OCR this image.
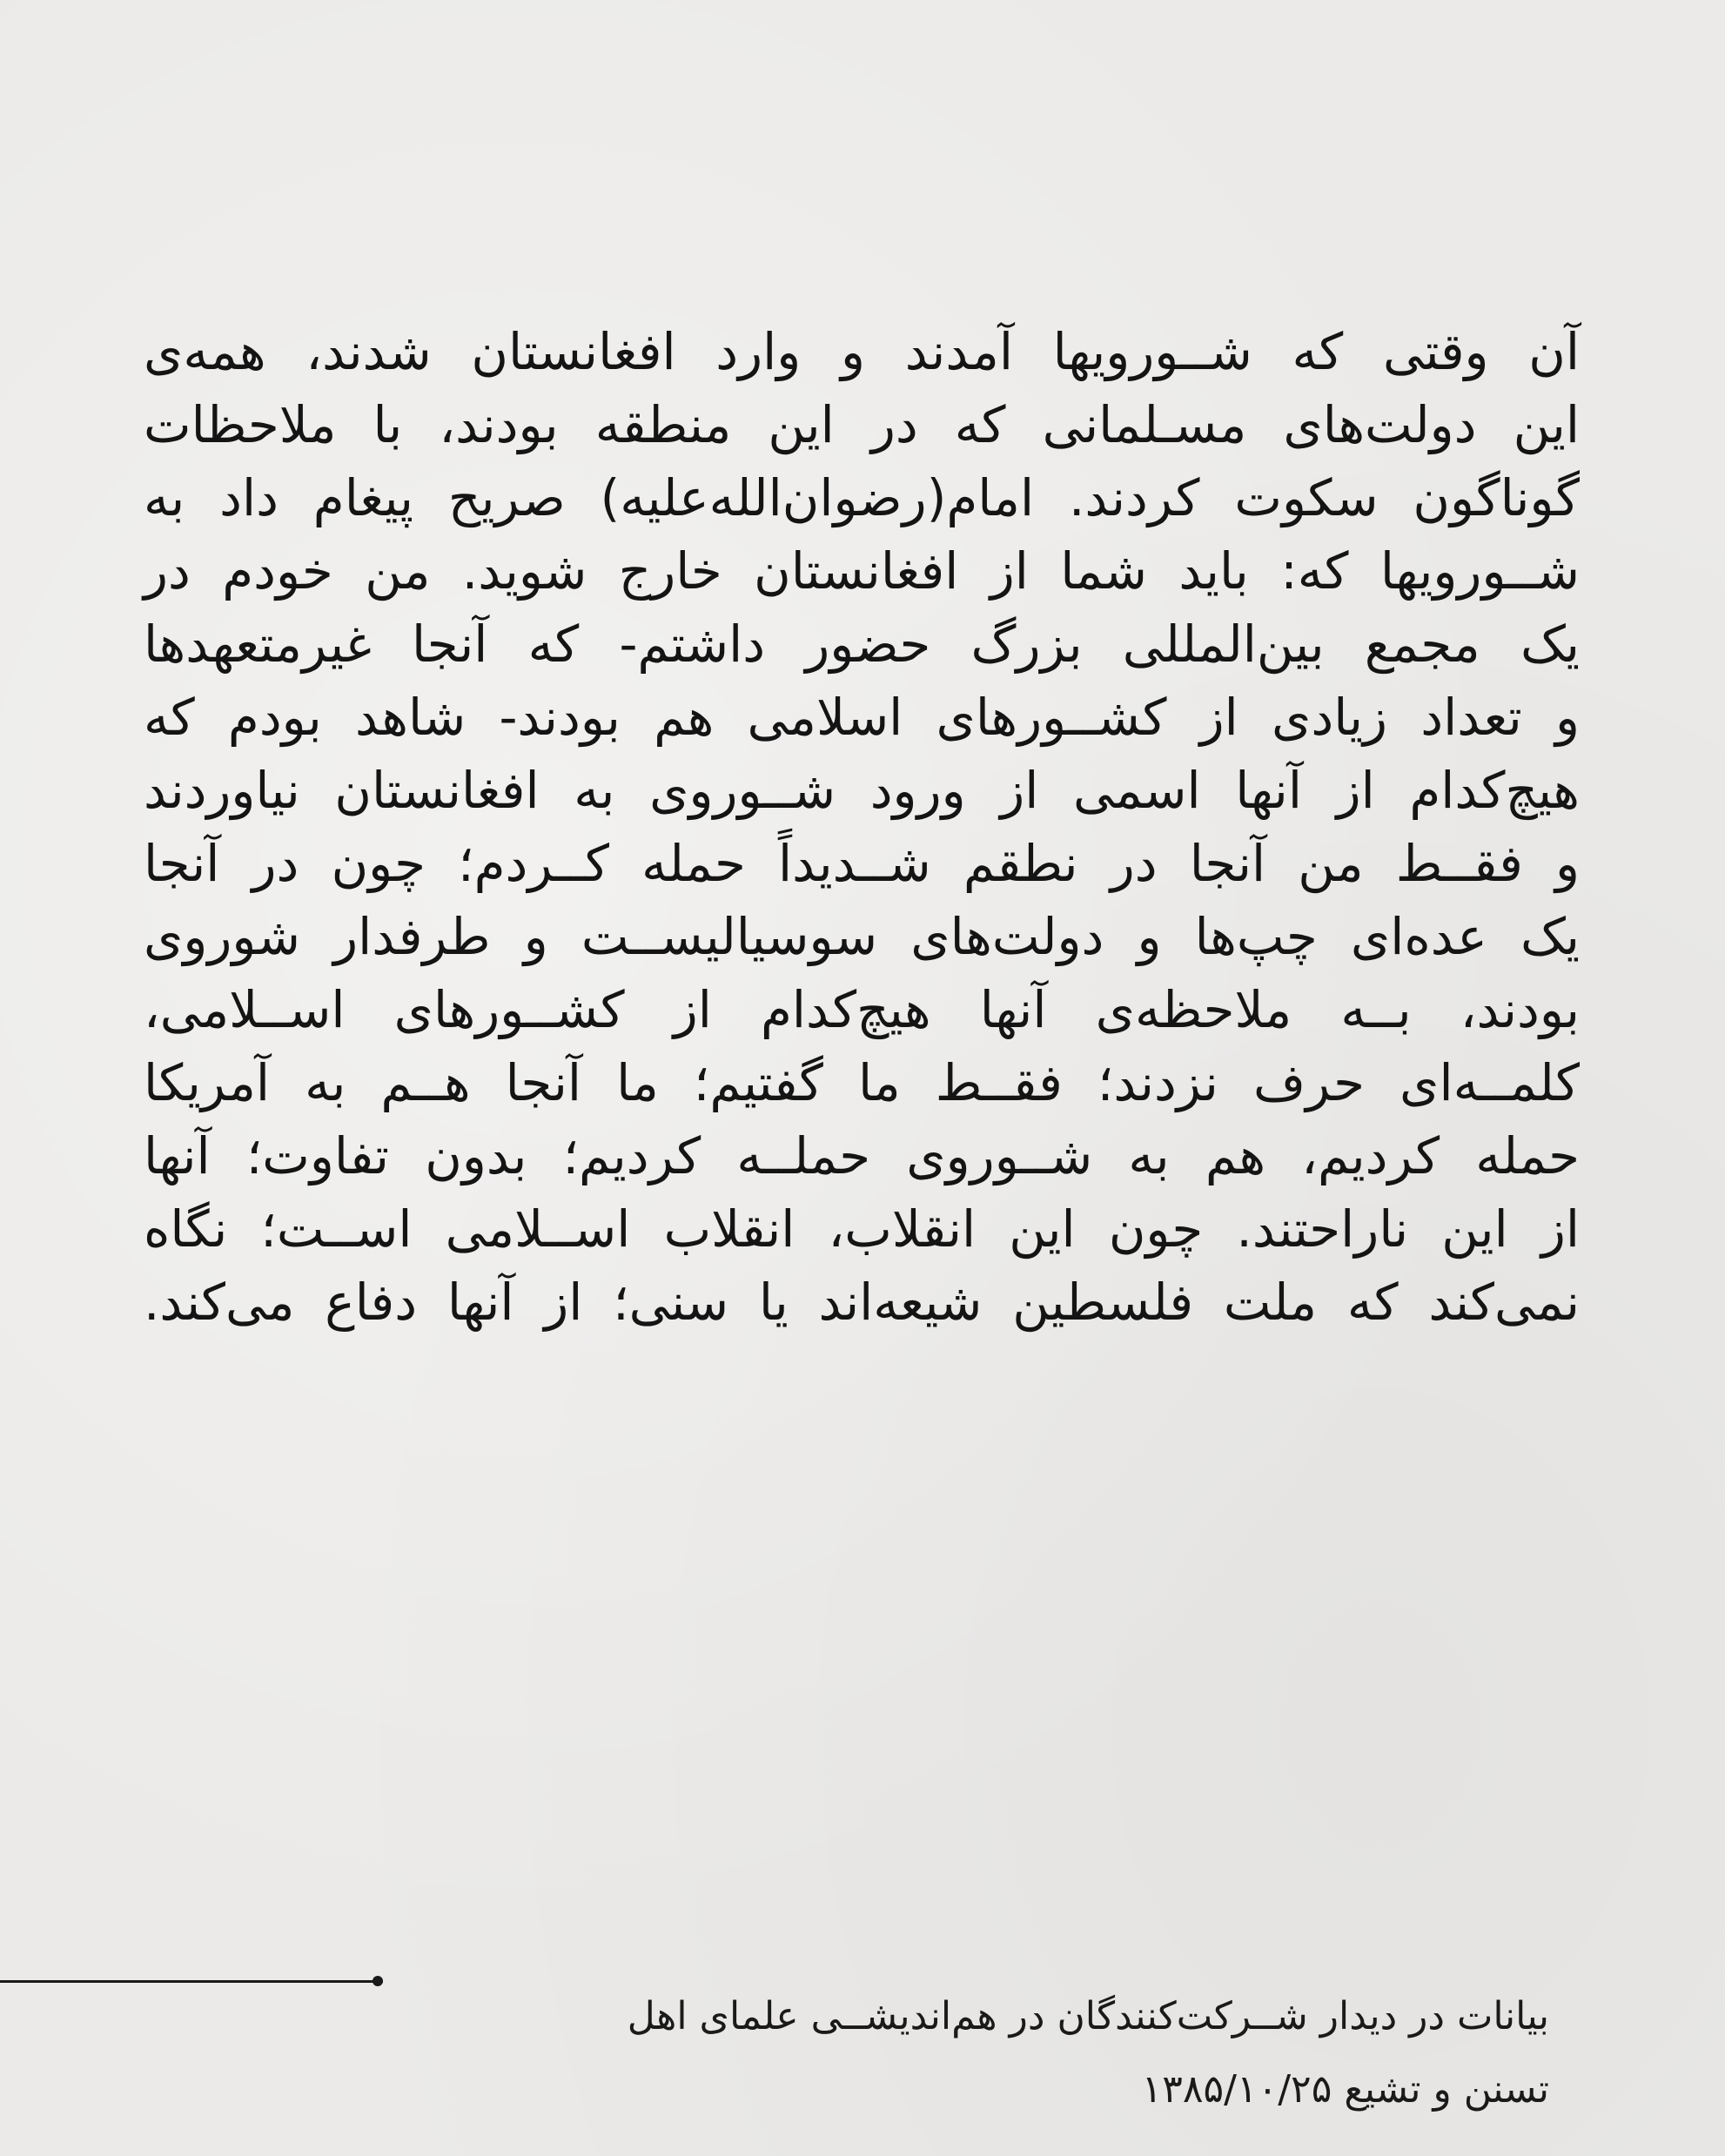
آن وقتی که شــورویها آمدند و وارد افغانستان شدند، همه‌ی
این دولت‌های مسـلمانی که در این منطقه بودند، با ملاحظات
گوناگون سکوت کردند. امام(رضوان‌الله‌علیه) صریح پیغام داد به
شــورویها که: باید شما از افغانستان خارج شوید. من خودم در
یک مجمع بین‌المللی بزرگ حضور داشتم- که آنجا غیرمتعهدها
و تعداد زیادی از کشــورهای اسلامی هم بودند- شاهد بودم که
هیچ‌کدام از آنها اسمی از ورود شــوروی به افغانستان نیاوردند
و فقــط من آنجا در نطقم شــدیداً حمله کــردم؛ چون در آنجا
یک عده‌ای چپ‌ها و دولت‌های سوسیالیســت و طرفدار شوروی
بودند، بــه ملاحظه‌ی آنها هیچ‌کدام از کشــورهای اســلامی،
کلمــه‌ای حرف نزدند؛ فقــط ما گفتیم؛ ما آنجا هــم به آمریکا
حمله کردیم، هم به شــوروی حملــه کردیم؛ بدون تفاوت؛ آنها
از این ناراحتند. چون این انقلاب، انقلاب اســلامی اســت؛ نگاه
نمی‌کند که ملت فلسطین شیعه‌اند یا سنی؛ از آنها دفاع می‌کند.
بیانات در دیدار شــرکت‌کنندگان در هم‌اندیشــی علمای اهل
تسنن و تشیع ۱۳۸۵/۱۰/۲۵
